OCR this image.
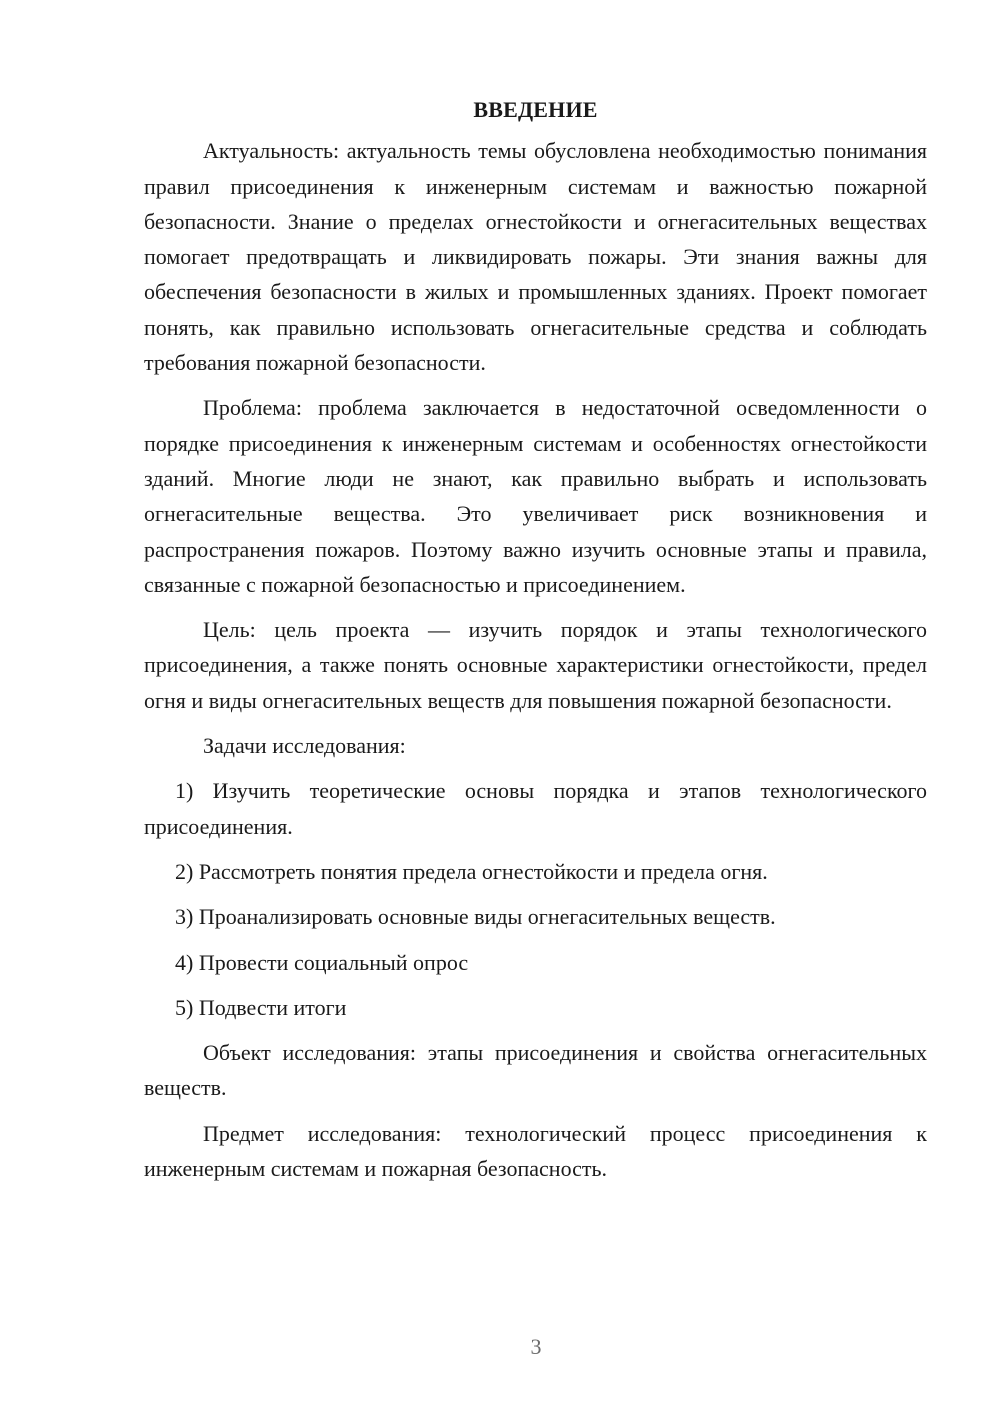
ВВЕДЕНИЕ

Актуальность: актуальность темы обусловлена необходимостью понимания правил присоединения к инженерным системам и важностью пожарной безопасности. Знание о пределах огнестойкости и огнегасительных веществах помогает предотвращать и ликвидировать пожары. Эти знания важны для обеспечения безопасности в жилых и промышленных зданиях. Проект помогает понять, как правильно использовать огнегасительные средства и соблюдать требования пожарной безопасности.

Проблема: проблема заключается в недостаточной осведомленности о порядке присоединения к инженерным системам и особенностях огнестойкости зданий. Многие люди не знают, как правильно выбрать и использовать огнегасительные вещества. Это увеличивает риск возникновения и распространения пожаров. Поэтому важно изучить основные этапы и правила, связанные с пожарной безопасностью и присоединением.

Цель: цель проекта — изучить порядок и этапы технологического присоединения, а также понять основные характеристики огнестойкости, предел огня и виды огнегасительных веществ для повышения пожарной безопасности.

Задачи исследования:

1) Изучить теоретические основы порядка и этапов технологического присоединения.

2) Рассмотреть понятия предела огнестойкости и предела огня.

3) Проанализировать основные виды огнегасительных веществ.

4) Провести социальный опрос

5) Подвести итоги

Объект исследования: этапы присоединения и свойства огнегасительных веществ.

Предмет исследования: технологический процесс присоединения к инженерным системам и пожарная безопасность.

3
